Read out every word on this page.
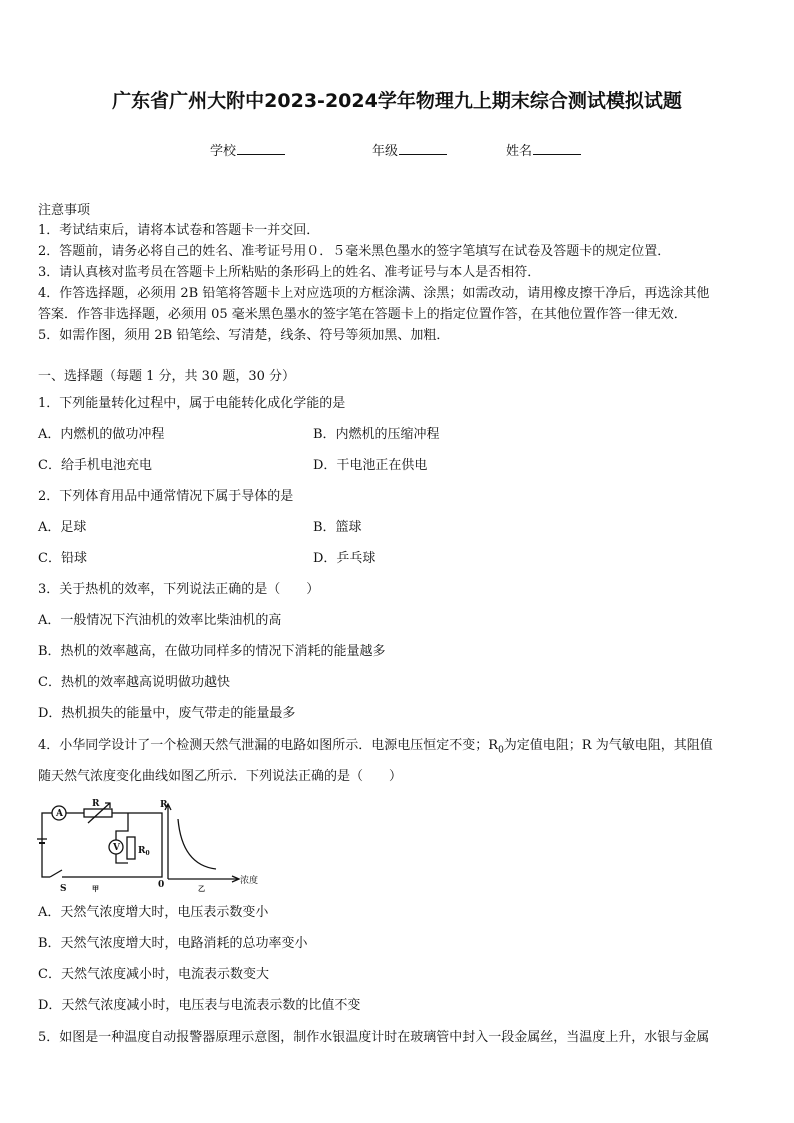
广东省广州大附中2023-2024学年物理九上期末综合测试模拟试题
学校	年级	姓名
注意事项
1．考试结束后，请将本试卷和答题卡一并交回．
2．答题前，请务必将自己的姓名、准考证号用０．５毫米黑色墨水的签字笔填写在试卷及答题卡的规定位置．
3．请认真核对监考员在答题卡上所粘贴的条形码上的姓名、准考证号与本人是否相符．
4．作答选择题，必须用 2B 铅笔将答题卡上对应选项的方框涂满、涂黑；如需改动，请用橡皮擦干净后，再选涂其他
答案．作答非选择题，必须用 05 毫米黑色墨水的签字笔在答题卡上的指定位置作答，在其他位置作答一律无效．
5．如需作图，须用 2B 铅笔绘、写清楚，线条、符号等须加黑、加粗．
一、选择题（每题 1 分，共 30 题，30 分）
1．下列能量转化过程中，属于电能转化成化学能的是
A．内燃机的做功冲程	B．内燃机的压缩冲程
C．给手机电池充电	D．干电池正在供电
2．下列体育用品中通常情况下属于导体的是
A．足球	B．篮球
C．铅球	D．乒乓球
3．关于热机的效率，下列说法正确的是（　　）
A．一般情况下汽油机的效率比柴油机的高
B．热机的效率越高，在做功同样多的情况下消耗的能量越多
C．热机的效率越高说明做功越快
D．热机损失的能量中，废气带走的能量最多
4．小华同学设计了一个检测天然气泄漏的电路如图所示．电源电压恒定不变；$R_0$为定值电阻；R 为气敏电阻，其阻值
随天然气浓度变化曲线如图乙所示．下列说法正确的是（　　）
A
R
V $R_0$
S	甲
R
0	浓度
乙
A．天然气浓度增大时，电压表示数变小
B．天然气浓度增大时，电路消耗的总功率变小
C．天然气浓度减小时，电流表示数变大
D．天然气浓度减小时，电压表与电流表示数的比值不变
5．如图是一种温度自动报警器原理示意图，制作水银温度计时在玻璃管中封入一段金属丝，当温度上升，水银与金属
